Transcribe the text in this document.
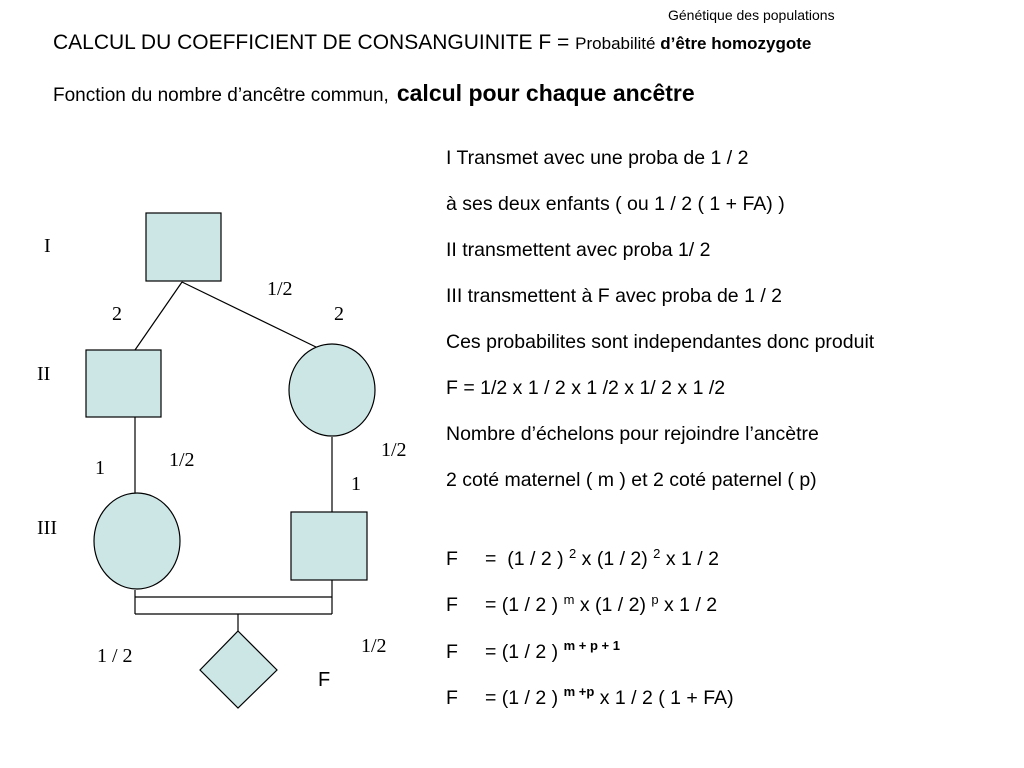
Génétique des populations
CALCUL DU COEFFICIENT DE CONSANGUINITE F = Probabilité d’être homozygote
Fonction du nombre d’ancêtre commun, calcul pour chaque ancêtre
I Transmet avec une proba de 1 / 2
à ses deux enfants ( ou 1 / 2 ( 1 + FA) )
II transmettent avec proba 1/ 2
III transmettent à F avec proba de 1 / 2
Ces probabilites sont independantes donc produit
F = 1/2 x 1 / 2 x 1 /2 x 1/ 2 x 1 /2
Nombre d’échelons pour rejoindre l’ancètre
2 coté maternel ( m ) et 2 coté paternel ( p)
F     =  (1 / 2 ) $^2$ x (1 / 2) $^2$ x 1 / 2
F     = (1 / 2 ) $^m$ x (1 / 2) $^p$ x 1 / 2
F     = (1 / 2 ) $^{m + p + 1}$
F     = (1 / 2 ) $^{m +p}$ x 1 / 2 ( 1 + FA)
I
II
III
1/2
2	2
1	1/2	1/2
1
1 / 2	1/2
F
